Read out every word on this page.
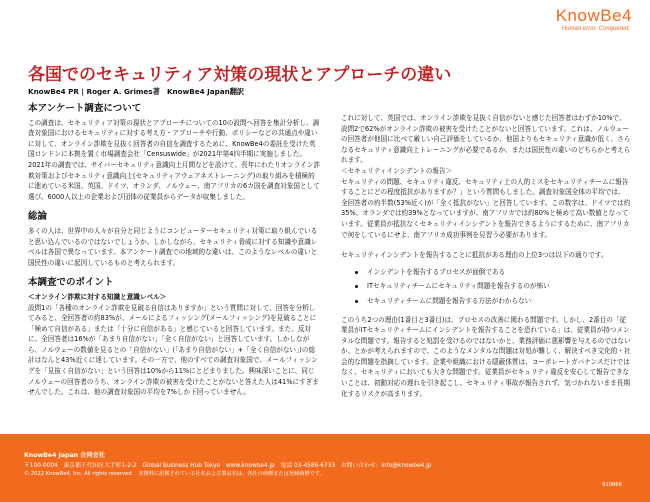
KnowBe4
Human error. Conquered.
各国でのセキュリティア対策の現状とアプローチの違い
KnowBe4 PR | Roger A. Grimes著　KnowBe4 Japan翻訳
本アンケート調査について

この調査は、セキュリティア対策の現状とアプローチについての10の設問へ回答を集計分析し、調査対象国におけるセキュリティに対する考え方・アプローチや行動、ポリシーなどの共通点や違いに対して、オンライン詐欺を見抜く回答者の自信を調査するために、KnowBe4の委託を受けた英国ロンドンに本拠を置く市場調査会社「Censuswide」が2021年第4四半期に実施しました。2021年の調査では、サイバーセキュリティ意識向上月間などを設けて、長年にわたりオンライン詐欺対策およびセキュリティ意識向上(セキュリティアウェアネストレーニング)の取り組みを積極的に進めている米国、英国、ドイツ、オランダ、ノルウェー、南アフリカの6カ国を調査対象国として選び、6000人以上の企業および団体の従業員からデータが収集しました。

総論

多くの人は、世界中の人々が自分と同じようにコンピューターセキュリティ対策に取り組んでいると思い込んでいるのではないでしょうか。しかしながら、セキュリティ脅威に対する知識や意識レベルは各国で異なっています。本アンケート調査での地域的な違いは、このようなレベルの違いと国民性の違いに起因しているものと考えられます。

本調査でのポイント

＜オンライン詐欺に対する知識と意識レベル＞

設問1の「各種のオンライン詐欺を見破る自信はありますか」という質問に対して、回答を分析してみると、全回答者の約83%が、メールによるフィッシング(メールフィッシング)を見破ることに「極めて自信がある」または「十分に自信がある」と感じていると回答しています。また、反対に、全回答者は16%が「あまり自信がない」「全く自信がない」と回答しています。しかしながら、ノルウェーの数値を見るとの「自信がない」(「あまり自信がない」+「全く自信がない」)の総計はなんと43%近くに達しています。その一方で、他のすべての調査対象国で、メールフィッシングを「見抜く自信がない」という回答は10%から11%にとどまりました。興味深いことに、同じノルウェーの回答者のうち、オンライン詐欺の被害を受けたことがないと答えた人は41%にすぎませんでした。これは、他の調査対象国の平均を7%しか下回っていません。

これに対して、英国では、オンライン詐欺を見抜く自信がないと感じた回答者はわずか10%で、設問2で62%がオンライン詐欺の被害を受けたことがないと回答しています。これは、ノルウェーの回答者が他国に比べて厳しい自己評価をしているか、他国よりもセキュリティ意識が低く、さらなるセキュリティ意識向上トレーニングが必要であるか、または国民性の違いのどちらかと考えられます。

＜セキュリティインシデントの報告＞

セキュリティの問題、セキュリティ違反、セキュリティ上の人的ミスをセキュリティチームに報告することにどの程度抵抗がありますか？」という質問もしました。調査対象国全体の平均では、全回答者の約半数(53%近く)が「全く抵抗がない」と回答しています。この数字は、ドイツでは約35%、オランダでは約39%となっていますが、南アフリカでは約80%と極めて高い数値となっています。従業員が抵抗なくセキュリティインシデントを報告できるようにするために、南アフリカで何をしているにせよ、南アフリカ成功事例を見習う必要があります。

セキュリティインシデントを報告することに抵抗がある理由の上位3つは以下の通りです。

インシデントを報告するプロセスが面倒である
ITセキュリティチームにセキュリティ問題を報告するのが怖い
セキュリティチームに問題を報告する方法がわからない

このうち2つの理由(1番目と3番目)は、プロセスの改善に関わる問題です。しかし、2番目の「従業員がITセキュリティチームにインシデントを報告することを恐れている」は、従業員が持つメンタルな問題です。報告すると処罰を受けるのではないかと、業務評価に悪影響を与えるのではないか、とかが考えられますので、このようなメンタルな問題は対処が難しく、解決すべき文化的・社会的な問題を指摘しています。企業や組織における隠蔽体質は、コーポレートガバナンスだけではなく、セキュリティにおいても大きな問題です。従業員がセキュリティ違反を安心して報告できないことは、初動対応の遅れを引き起こし、セキュリティ事故が報告されず、気づかれないまま長期化するリスクが高まります。

KnowBe4 Japan 合同会社
〒100-0004　東京都千代田区大手町1-2-2　Global Business Hub Tokyo　www.knowbe4.jp　電話 03-4586-6733　お問い合わせ：info@knowbe4.jp
© 2022 KnowBe4, Inc. All rights reserved.　本資料に記載されている社名および製品名は、各社の商標または登録商標です。
91086K
